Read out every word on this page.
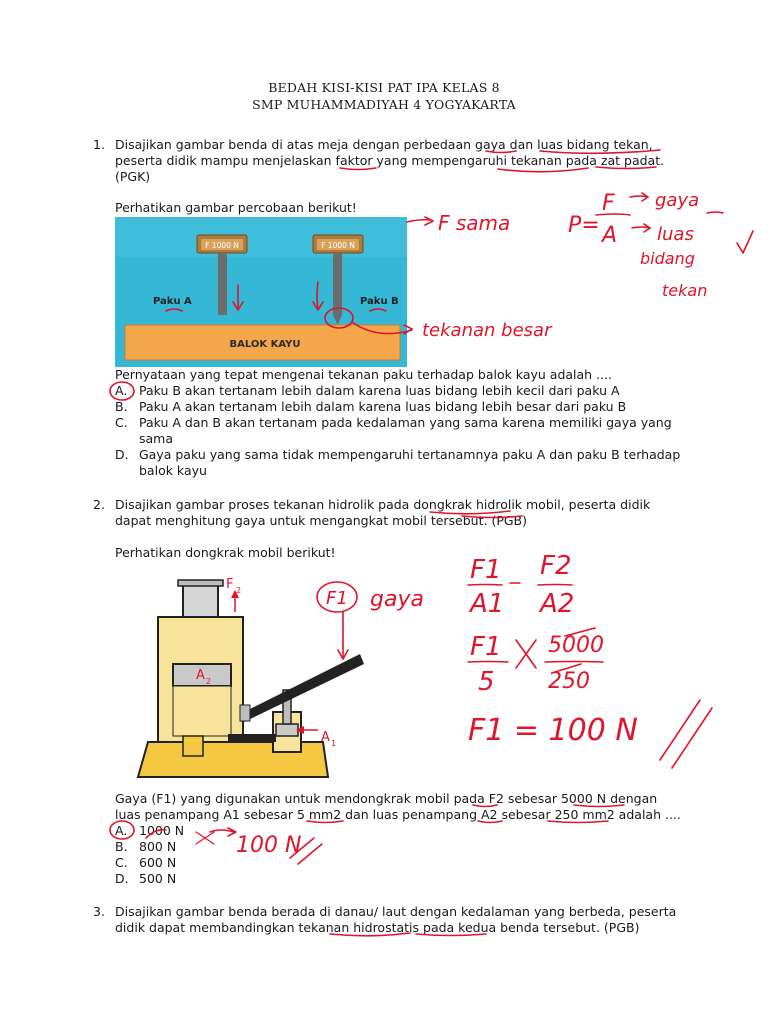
BEDAH KISI-KISI PAT IPA KELAS 8
SMP MUHAMMADIYAH 4 YOGYAKARTA
1. Disajikan gambar benda di atas meja dengan perbedaan gaya dan luas bidang tekan,
peserta didik mampu menjelaskan faktor yang mempengaruhi tekanan pada zat padat.
(PGK)
Perhatikan gambar percobaan berikut!
BALOK KAYU
F 1000 N
Paku A
F 1000 N
Paku B
Pernyataan yang tepat mengenai tekanan paku terhadap balok kayu adalah ....
A. Paku B akan tertanam lebih dalam karena luas bidang lebih kecil dari paku A
B. Paku A akan tertanam lebih dalam karena luas bidang lebih besar dari paku B
C. Paku A dan B akan tertanam pada kedalaman yang sama karena memiliki gaya yang
sama
D. Gaya paku yang sama tidak mempengaruhi tertanamnya paku A dan paku B terhadap
balok kayu
2. Disajikan gambar proses tekanan hidrolik pada dongkrak hidrolik mobil, peserta didik
dapat menghitung gaya untuk mengangkat mobil tersebut. (PGB)
Perhatikan dongkrak mobil berikut!
A 2
F 2
A 1
Gaya (F1) yang digunakan untuk mendongkrak mobil pada F2 sebesar 5000 N dengan
luas penampang A1 sebesar 5 mm2 dan luas penampang A2 sebesar 250 mm2 adalah ....
A. 1000 N
B. 800 N
C. 600 N
D. 500 N
3. Disajikan gambar benda berada di danau/ laut dengan kedalaman yang berbeda, peserta
didik dapat membandingkan tekanan hidrostatis pada kedua benda tersebut. (PGB)
F sama	P=
F
A
gaya
luas
bidang
tekan
tekanan besar
F1 gaya
F1
A1
F2
A2
F1
5
5000
250
F1 = 100 N
100 N
